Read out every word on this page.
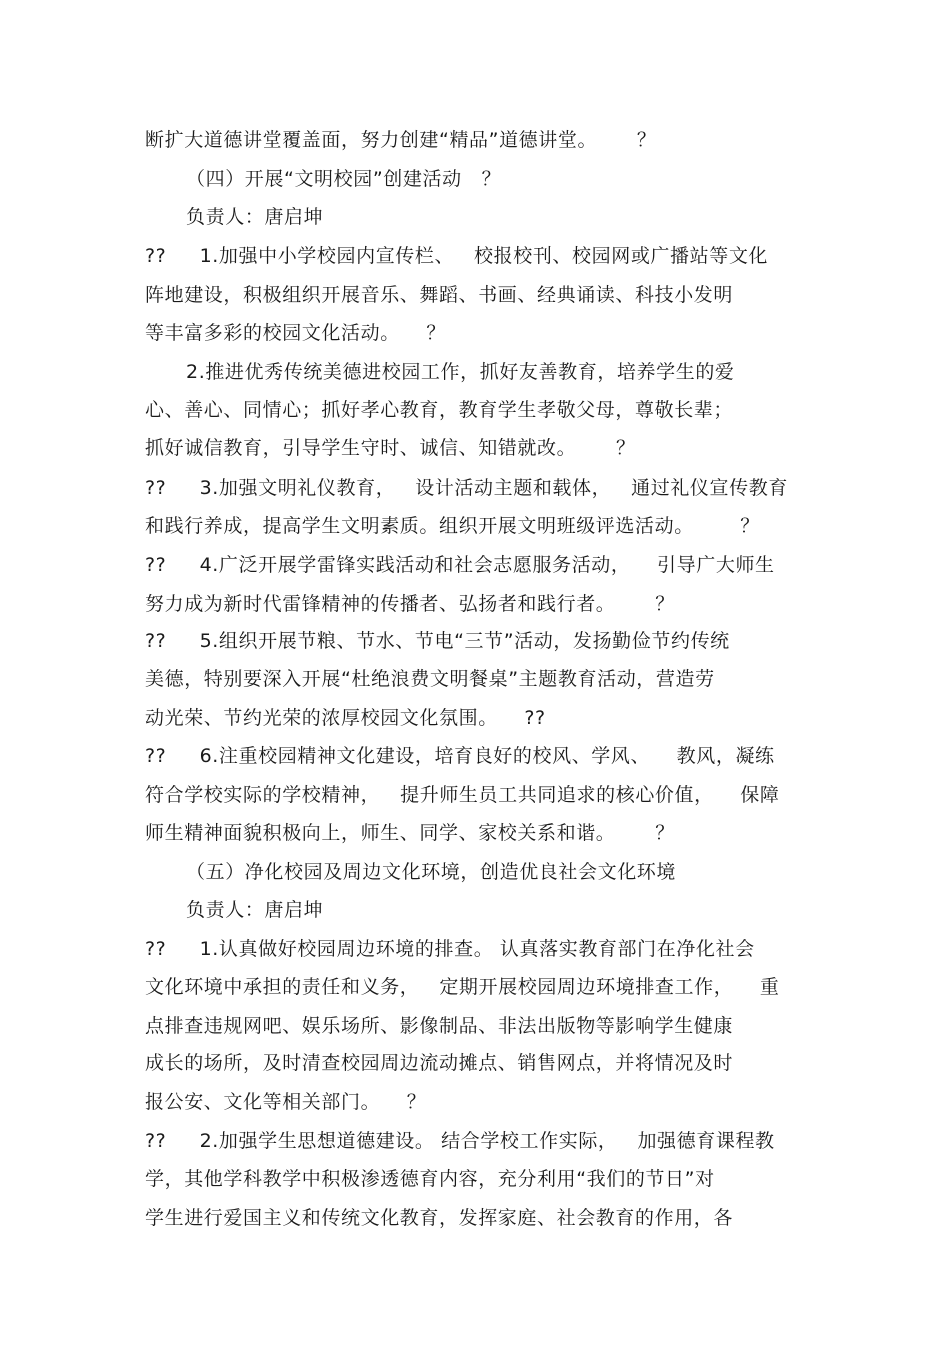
断扩大道德讲堂覆盖面，努力创建“精品”道德讲堂。      ？
（四）开展“文明校园”创建活动   ？
负责人：唐启坤
??     1.加强中小学校园内宣传栏、   校报校刊、校园网或广播站等文化
阵地建设，积极组织开展音乐、舞蹈、书画、经典诵读、科技小发明
等丰富多彩的校园文化活动。    ？
2.推进优秀传统美德进校园工作，抓好友善教育，培养学生的爱
心、善心、同情心；抓好孝心教育，教育学生孝敬父母，尊敬长辈；
抓好诚信教育，引导学生守时、诚信、知错就改。      ？
??     3.加强文明礼仪教育，   设计活动主题和载体，   通过礼仪宣传教育
和践行养成，提高学生文明素质。组织开展文明班级评选活动。       ？
??     4.广泛开展学雷锋实践活动和社会志愿服务活动，    引导广大师生
努力成为新时代雷锋精神的传播者、弘扬者和践行者。      ？
??     5.组织开展节粮、节水、节电“三节”活动，发扬勤俭节约传统
美德，特别要深入开展“杜绝浪费文明餐桌”主题教育活动，营造劳
动光荣、节约光荣的浓厚校园文化氛围。    ??
??     6.注重校园精神文化建设，培育良好的校风、学风、    教风，凝练
符合学校实际的学校精神，   提升师生员工共同追求的核心价值，    保障
师生精神面貌积极向上，师生、同学、家校关系和谐。      ？
（五）净化校园及周边文化环境，创造优良社会文化环境
负责人：唐启坤
??     1.认真做好校园周边环境的排查。 认真落实教育部门在净化社会
文化环境中承担的责任和义务，   定期开展校园周边环境排查工作，    重
点排查违规网吧、娱乐场所、影像制品、非法出版物等影响学生健康
成长的场所，及时清查校园周边流动摊点、销售网点，并将情况及时
报公安、文化等相关部门。    ？
??     2.加强学生思想道德建设。 结合学校工作实际，   加强德育课程教
学，其他学科教学中积极渗透德育内容，充分利用“我们的节日”对
学生进行爱国主义和传统文化教育，发挥家庭、社会教育的作用，各
